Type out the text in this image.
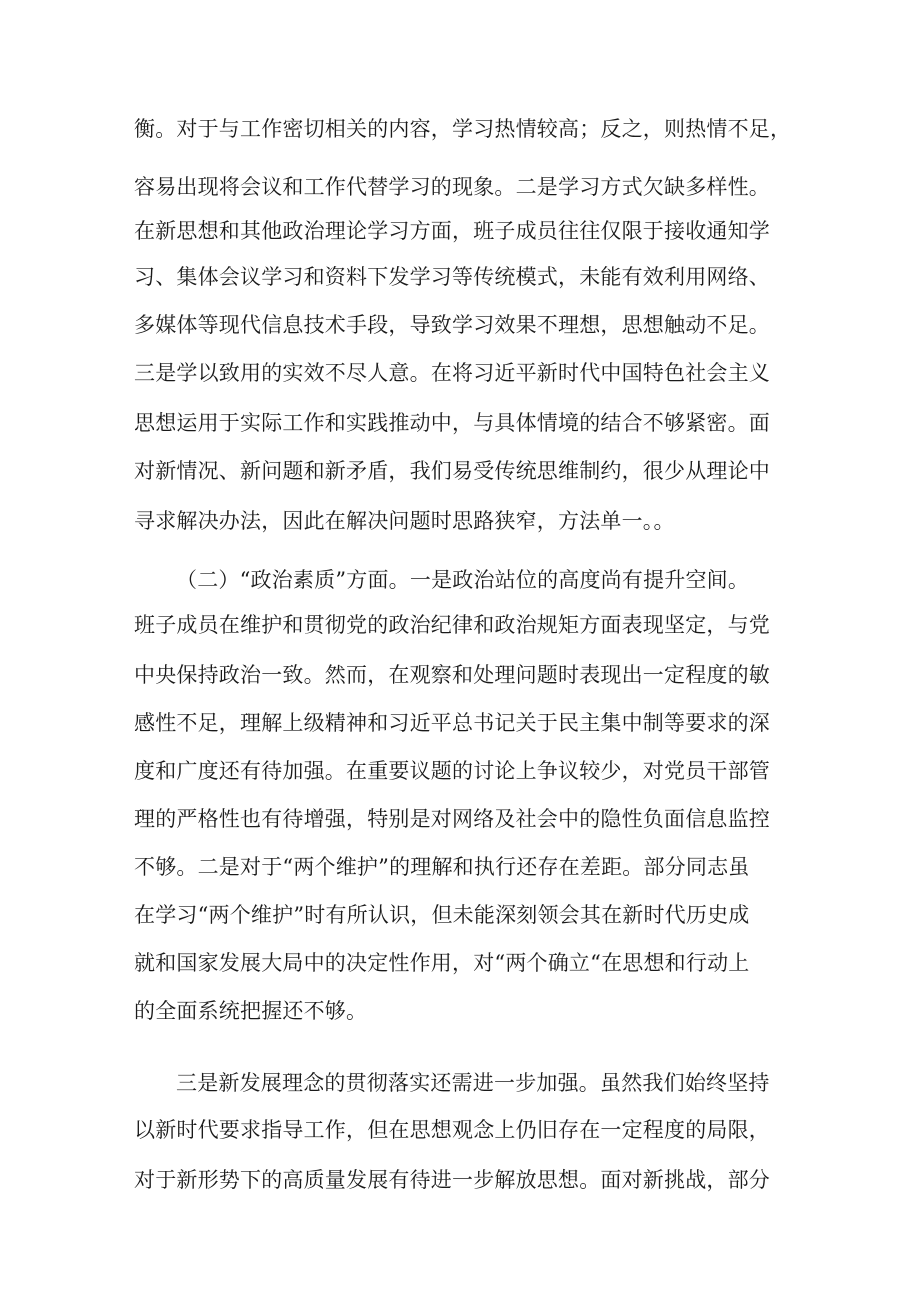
衡。对于与工作密切相关的内容，学习热情较高；反之，则热情不足，
容易出现将会议和工作代替学习的现象。二是学习方式欠缺多样性。
在新思想和其他政治理论学习方面，班子成员往往仅限于接收通知学
习、集体会议学习和资料下发学习等传统模式，未能有效利用网络、
多媒体等现代信息技术手段，导致学习效果不理想，思想触动不足。
三是学以致用的实效不尽人意。在将习近平新时代中国特色社会主义
思想运用于实际工作和实践推动中，与具体情境的结合不够紧密。面
对新情况、新问题和新矛盾，我们易受传统思维制约，很少从理论中
寻求解决办法，因此在解决问题时思路狭窄，方法单一。。
（二）“政治素质”方面。一是政治站位的高度尚有提升空间。
班子成员在维护和贯彻党的政治纪律和政治规矩方面表现坚定，与党
中央保持政治一致。然而，在观察和处理问题时表现出一定程度的敏
感性不足，理解上级精神和习近平总书记关于民主集中制等要求的深
度和广度还有待加强。在重要议题的讨论上争议较少，对党员干部管
理的严格性也有待增强，特别是对网络及社会中的隐性负面信息监控
不够。二是对于“两个维护”的理解和执行还存在差距。部分同志虽
在学习“两个维护”时有所认识，但未能深刻领会其在新时代历史成
就和国家发展大局中的决定性作用，对“两个确立“在思想和行动上
的全面系统把握还不够。
三是新发展理念的贯彻落实还需进一步加强。虽然我们始终坚持
以新时代要求指导工作，但在思想观念上仍旧存在一定程度的局限，
对于新形势下的高质量发展有待进一步解放思想。面对新挑战，部分
